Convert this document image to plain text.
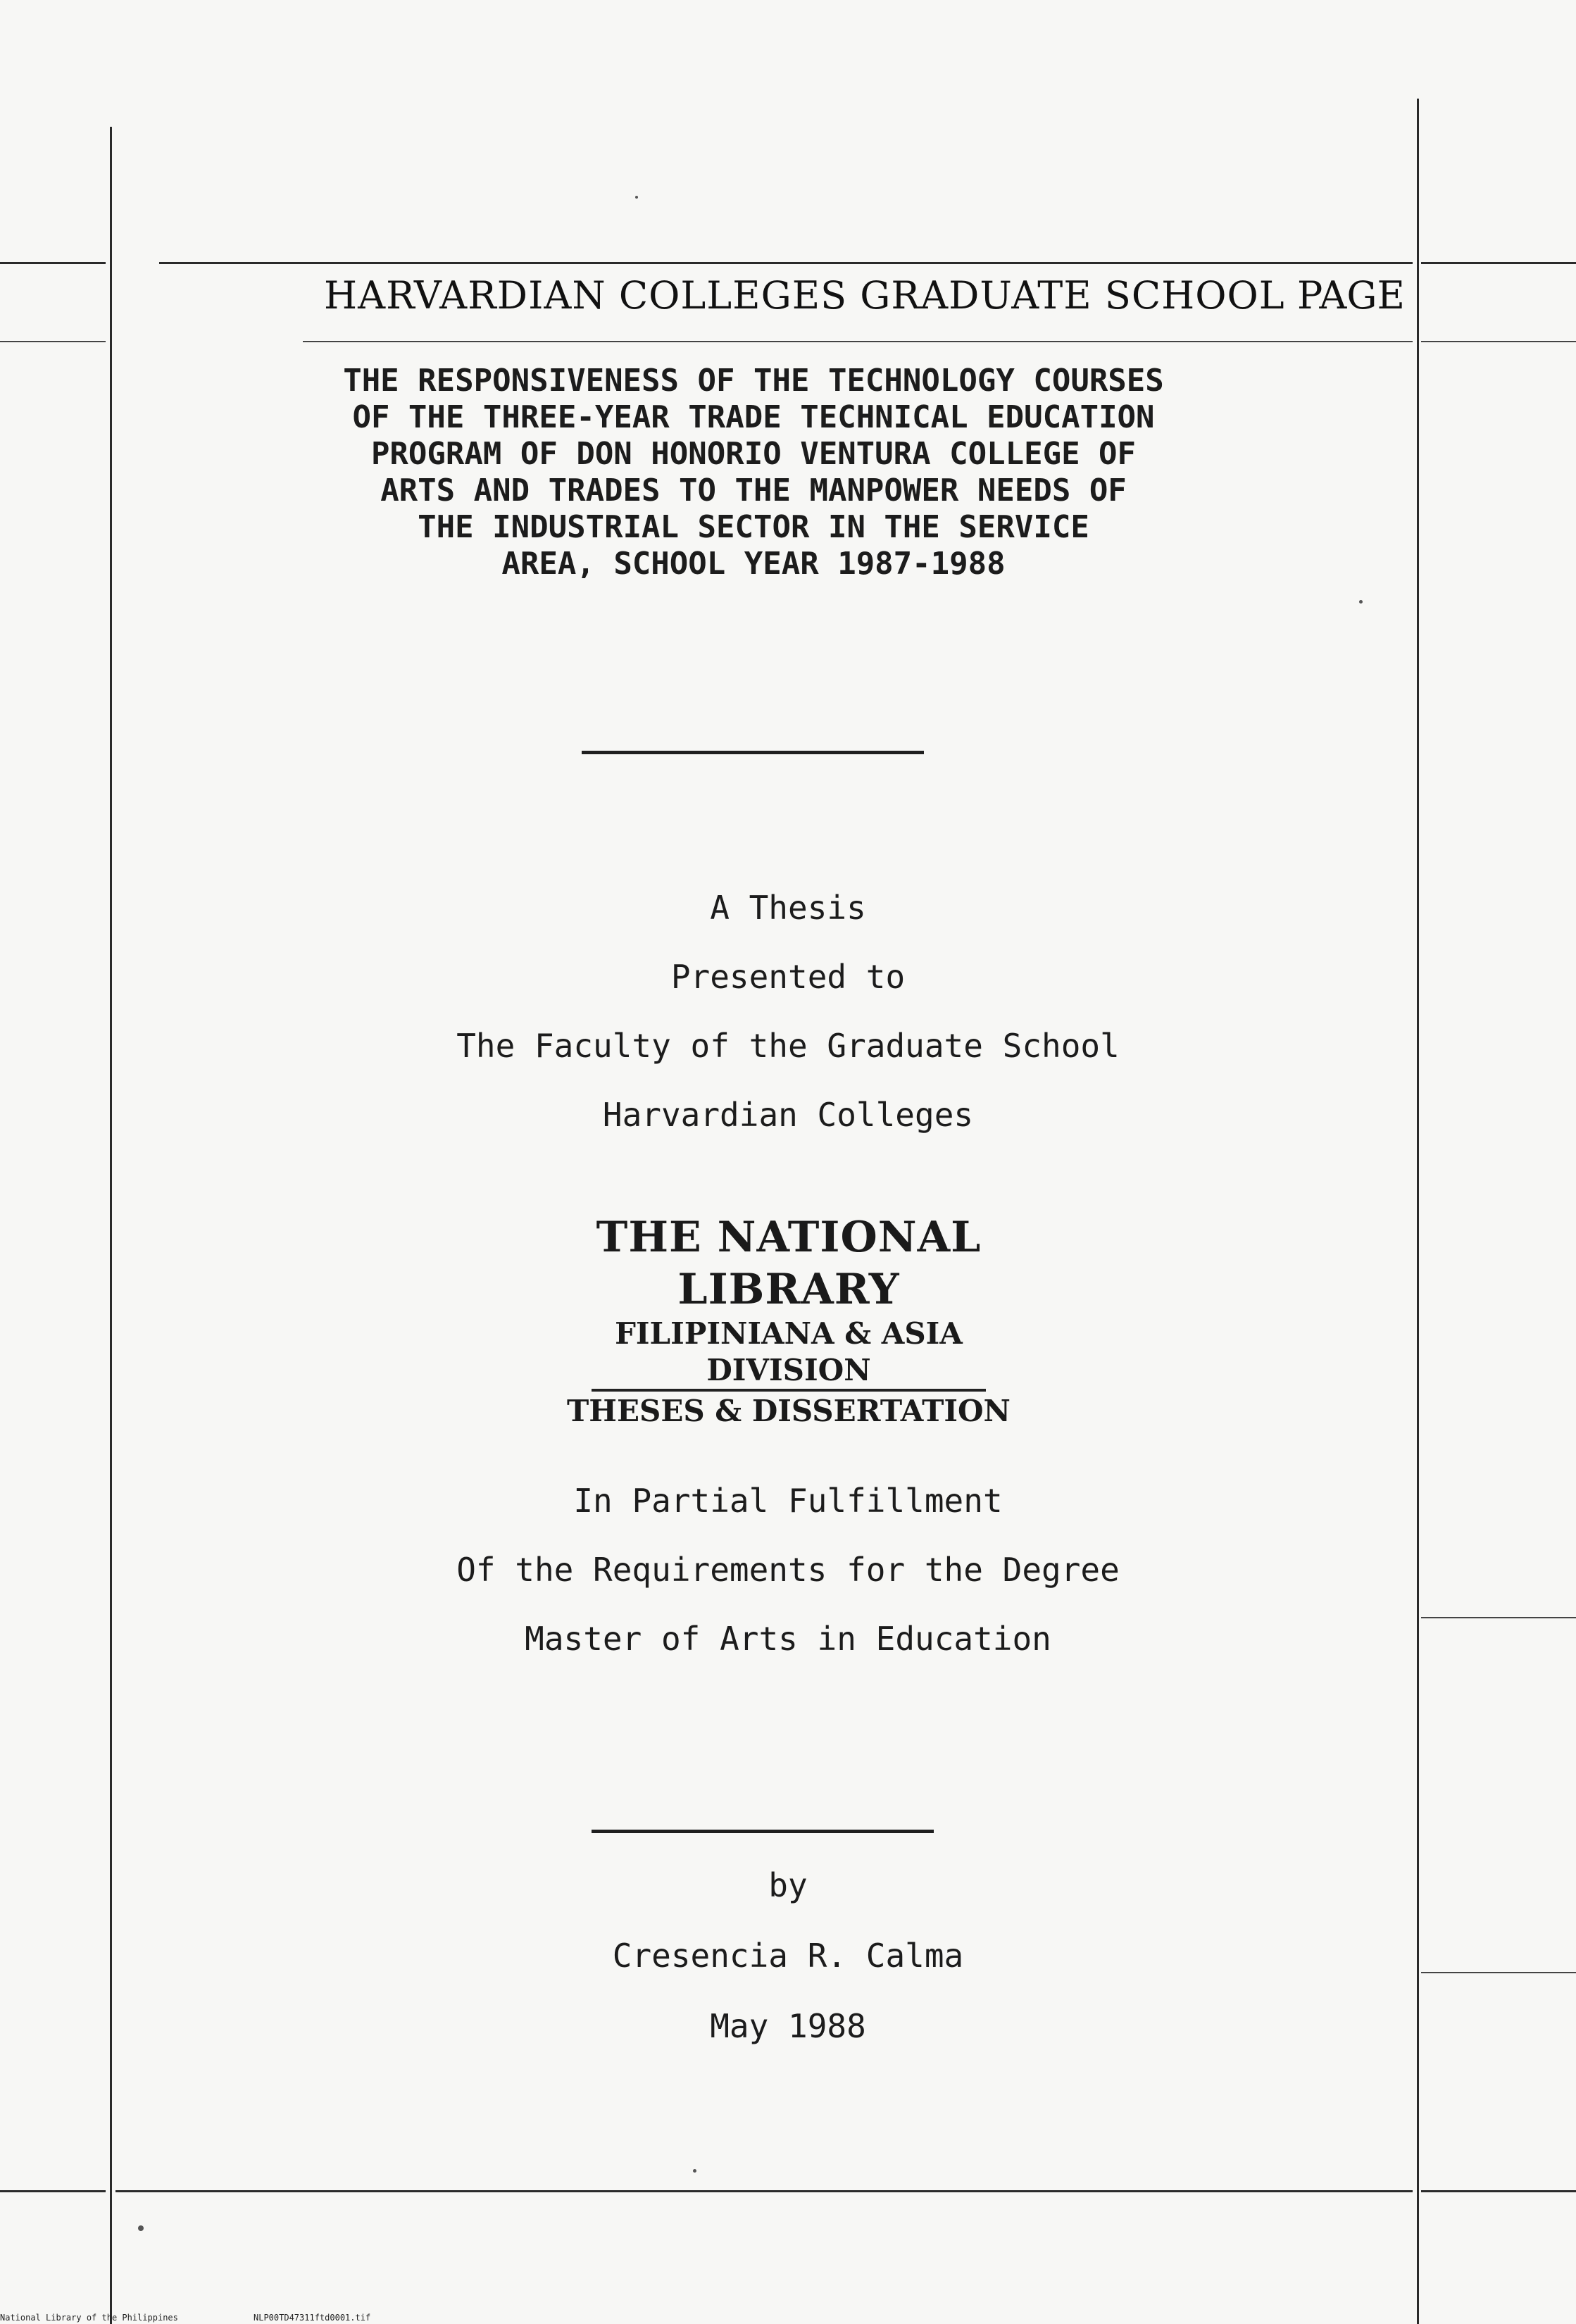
HARVARDIAN COLLEGES GRADUATE SCHOOL PAGE
THE RESPONSIVENESS OF THE TECHNOLOGY COURSES
OF THE THREE-YEAR TRADE TECHNICAL EDUCATION
PROGRAM OF DON HONORIO VENTURA COLLEGE OF
ARTS AND TRADES TO THE MANPOWER NEEDS OF
THE INDUSTRIAL SECTOR IN THE SERVICE
AREA, SCHOOL YEAR 1987-1988
A Thesis
Presented to
The Faculty of the Graduate School
Harvardian Colleges
THE NATIONAL LIBRARY
FILIPINIANA & ASIA DIVISION
THESES & DISSERTATION
In Partial Fulfillment
Of the Requirements for the Degree
Master of Arts in Education
by
Cresencia R. Calma
May 1988
National Library of the Philippines	NLP00TD47311ftd0001.tif
